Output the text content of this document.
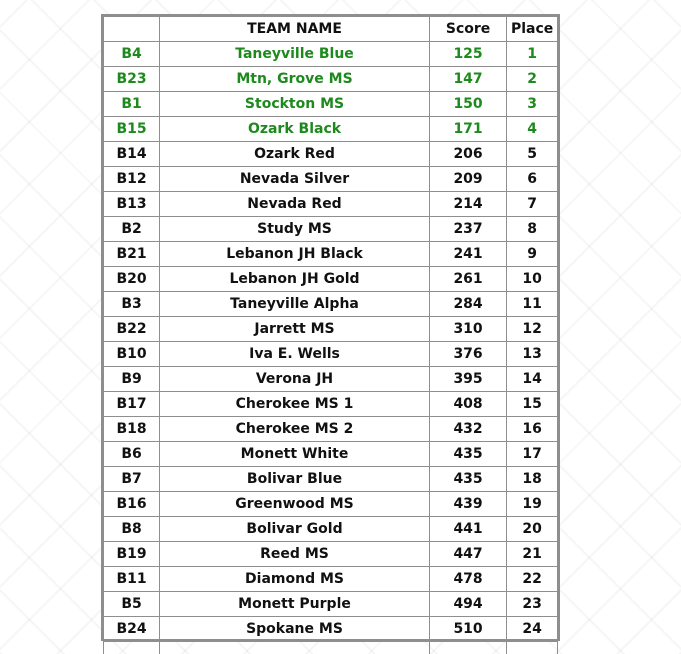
	TEAM NAME	Score	Place
B4	Taneyville Blue	125	1
B23	Mtn, Grove MS	147	2
B1	Stockton MS	150	3
B15	Ozark Black	171	4
B14	Ozark Red	206	5
B12	Nevada Silver	209	6
B13	Nevada Red	214	7
B2	Study MS	237	8
B21	Lebanon JH Black	241	9
B20	Lebanon JH Gold	261	10
B3	Taneyville Alpha	284	11
B22	Jarrett MS	310	12
B10	Iva E. Wells	376	13
B9	Verona JH	395	14
B17	Cherokee MS 1	408	15
B18	Cherokee MS 2	432	16
B6	Monett White	435	17
B7	Bolivar Blue	435	18
B16	Greenwood MS	439	19
B8	Bolivar Gold	441	20
B19	Reed MS	447	21
B11	Diamond MS	478	22
B5	Monett Purple	494	23
B24	Spokane MS	510	24
